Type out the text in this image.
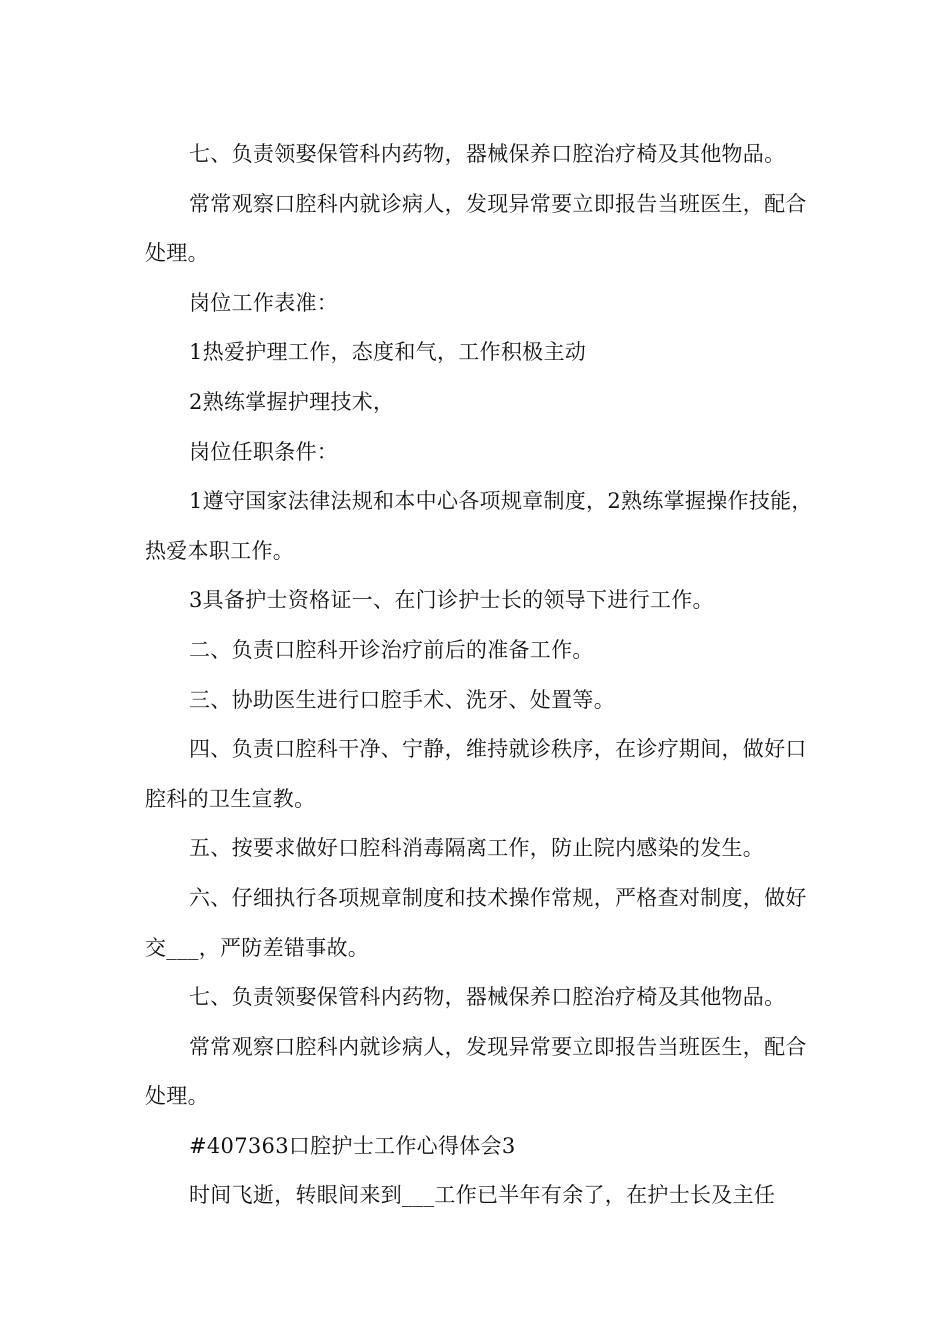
七、负责领娶保管科内药物，器械保养口腔治疗椅及其他物品。

常常观察口腔科内就诊病人，发现异常要立即报告当班医生，配合处理。

岗位工作表准：

1热爱护理工作，态度和气，工作积极主动

2熟练掌握护理技术，

岗位任职条件：

1遵守国家法律法规和本中心各项规章制度，2熟练掌握操作技能，热爱本职工作。

3具备护士资格证一、在门诊护士长的领导下进行工作。

二、负责口腔科开诊治疗前后的准备工作。

三、协助医生进行口腔手术、洗牙、处置等。

四、负责口腔科干净、宁静，维持就诊秩序，在诊疗期间，做好口腔科的卫生宣教。

五、按要求做好口腔科消毒隔离工作，防止院内感染的发生。

六、仔细执行各项规章制度和技术操作常规，严格查对制度，做好交___，严防差错事故。

七、负责领娶保管科内药物，器械保养口腔治疗椅及其他物品。

常常观察口腔科内就诊病人，发现异常要立即报告当班医生，配合处理。

#407363口腔护士工作心得体会3

时间飞逝，转眼间来到___工作已半年有余了，在护士长及主任
